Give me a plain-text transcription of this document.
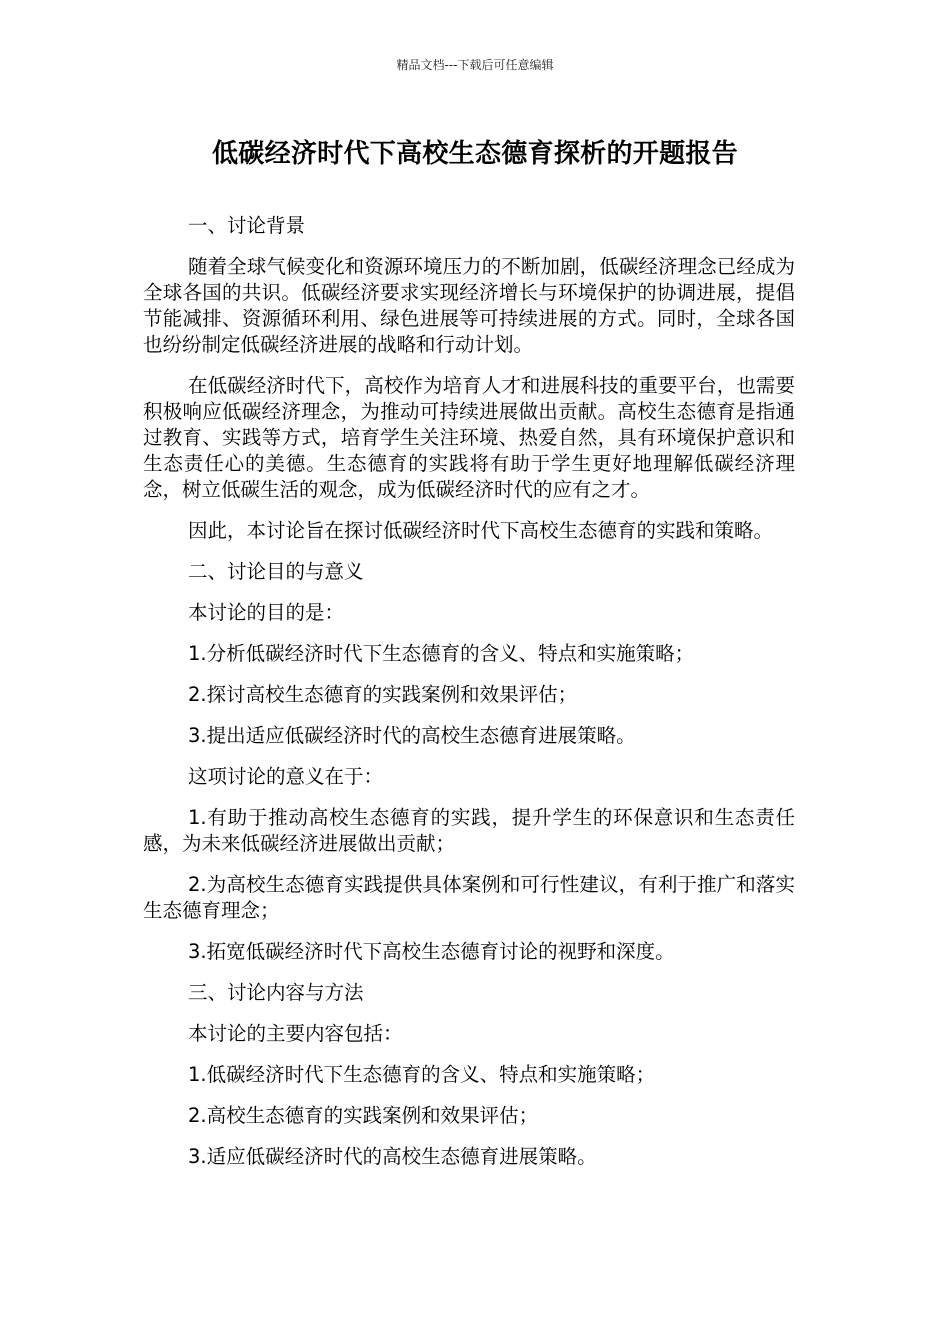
精品文档---下载后可任意编辑
低碳经济时代下高校生态德育探析的开题报告

一、讨论背景

随着全球气候变化和资源环境压力的不断加剧，低碳经济理念已经成为全球各国的共识。低碳经济要求实现经济增长与环境保护的协调进展，提倡节能减排、资源循环利用、绿色进展等可持续进展的方式。同时，全球各国也纷纷制定低碳经济进展的战略和行动计划。

在低碳经济时代下，高校作为培育人才和进展科技的重要平台，也需要积极响应低碳经济理念，为推动可持续进展做出贡献。高校生态德育是指通过教育、实践等方式，培育学生关注环境、热爱自然，具有环境保护意识和生态责任心的美德。生态德育的实践将有助于学生更好地理解低碳经济理念，树立低碳生活的观念，成为低碳经济时代的应有之才。

因此，本讨论旨在探讨低碳经济时代下高校生态德育的实践和策略。

二、讨论目的与意义

本讨论的目的是：

1.分析低碳经济时代下生态德育的含义、特点和实施策略；

2.探讨高校生态德育的实践案例和效果评估；

3.提出适应低碳经济时代的高校生态德育进展策略。

这项讨论的意义在于：

1.有助于推动高校生态德育的实践，提升学生的环保意识和生态责任感，为未来低碳经济进展做出贡献；

2.为高校生态德育实践提供具体案例和可行性建议，有利于推广和落实生态德育理念；

3.拓宽低碳经济时代下高校生态德育讨论的视野和深度。

三、讨论内容与方法

本讨论的主要内容包括：

1.低碳经济时代下生态德育的含义、特点和实施策略；

2.高校生态德育的实践案例和效果评估；

3.适应低碳经济时代的高校生态德育进展策略。
